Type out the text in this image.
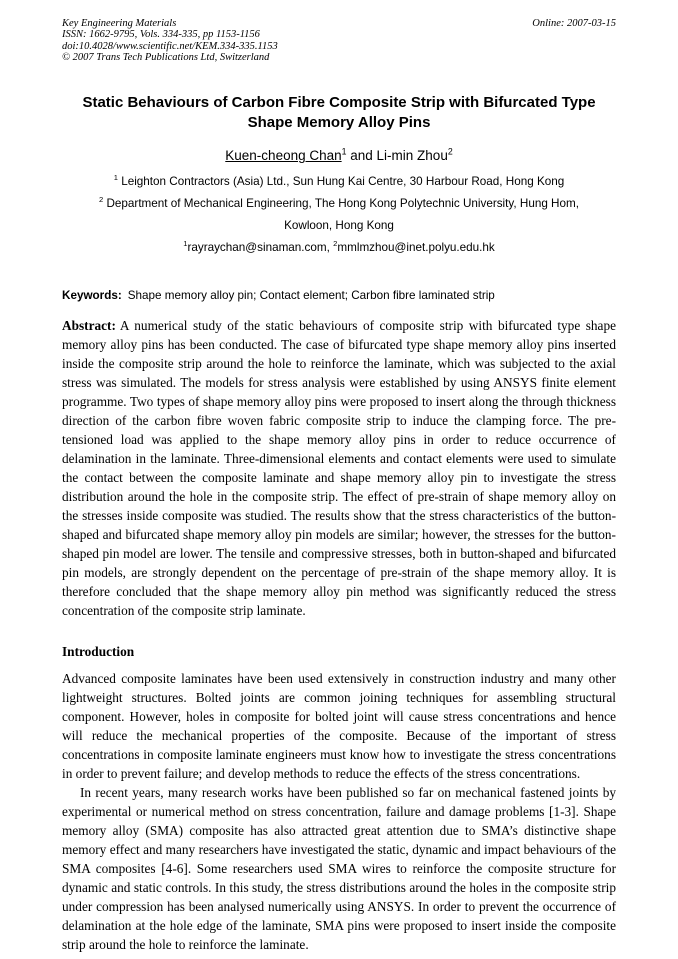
Key Engineering Materials
ISSN: 1662-9795, Vols. 334-335, pp 1153-1156
doi:10.4028/www.scientific.net/KEM.334-335.1153
© 2007 Trans Tech Publications Ltd, Switzerland
Online: 2007-03-15
Static Behaviours of Carbon Fibre Composite Strip with Bifurcated Type Shape Memory Alloy Pins

Kuen-cheong Chan$^1$ and Li-min Zhou$^2$

$^1$ Leighton Contractors (Asia) Ltd., Sun Hung Kai Centre, 30 Harbour Road, Hong Kong
$^2$ Department of Mechanical Engineering, The Hong Kong Polytechnic University, Hung Hom,
Kowloon, Hong Kong
$^1$rayraychan@sinaman.com, $^2$mmlmzhou@inet.polyu.edu.hk

Keywords: Shape memory alloy pin; Contact element; Carbon fibre laminated strip

Abstract: A numerical study of the static behaviours of composite strip with bifurcated type shape memory alloy pins has been conducted. The case of bifurcated type shape memory alloy pins inserted inside the composite strip around the hole to reinforce the laminate, which was subjected to the axial stress was simulated. The models for stress analysis were established by using ANSYS finite element programme. Two types of shape memory alloy pins were proposed to insert along the through thickness direction of the carbon fibre woven fabric composite strip to induce the clamping force. The pre-tensioned load was applied to the shape memory alloy pins in order to reduce occurrence of delamination in the laminate. Three-dimensional elements and contact elements were used to simulate the contact between the composite laminate and shape memory alloy pin to investigate the stress distribution around the hole in the composite strip. The effect of pre-strain of shape memory alloy on the stresses inside composite was studied. The results show that the stress characteristics of the button-shaped and bifurcated shape memory alloy pin models are similar; however, the stresses for the button-shaped pin model are lower. The tensile and compressive stresses, both in button-shaped and bifurcated pin models, are strongly dependent on the percentage of pre-strain of the shape memory alloy. It is therefore concluded that the shape memory alloy pin method was significantly reduced the stress concentration of the composite strip laminate.

Introduction

Advanced composite laminates have been used extensively in construction industry and many other lightweight structures. Bolted joints are common joining techniques for assembling structural component. However, holes in composite for bolted joint will cause stress concentrations and hence will reduce the mechanical properties of the composite. Because of the important of stress concentrations in composite laminate engineers must know how to investigate the stress concentrations in order to prevent failure; and develop methods to reduce the effects of the stress concentrations.

In recent years, many research works have been published so far on mechanical fastened joints by experimental or numerical method on stress concentration, failure and damage problems [1-3]. Shape memory alloy (SMA) composite has also attracted great attention due to SMA’s distinctive shape memory effect and many researchers have investigated the static, dynamic and impact behaviours of the SMA composites [4-6]. Some researchers used SMA wires to reinforce the composite structure for dynamic and static controls. In this study, the stress distributions around the holes in the composite strip under compression has been analysed numerically using ANSYS. In order to prevent the occurrence of delamination at the hole edge of the laminate, SMA pins were proposed to insert inside the composite strip around the hole to reinforce the laminate.
